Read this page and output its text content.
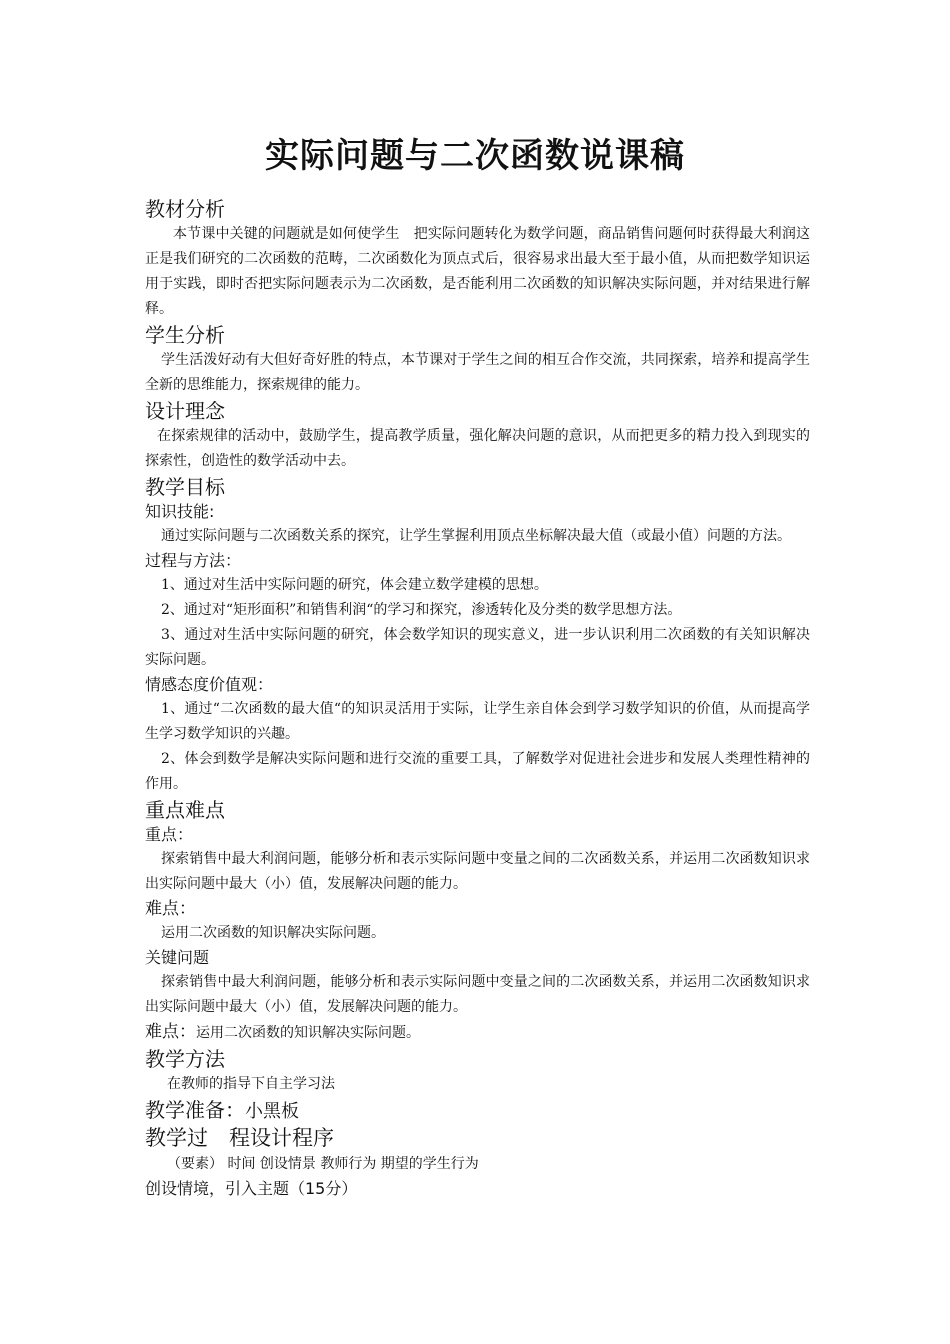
实际问题与二次函数说课稿
教材分析

本节课中关键的问题就是如何使学生　把实际问题转化为数学问题，商品销售问题何时获得最大利润这正是我们研究的二次函数的范畴，二次函数化为顶点式后，很容易求出最大至于最小值，从而把数学知识运用于实践，即时否把实际问题表示为二次函数，是否能利用二次函数的知识解决实际问题，并对结果进行解释。

学生分析

学生活泼好动有大但好奇好胜的特点，本节课对于学生之间的相互合作交流，共同探索，培养和提高学生全新的思维能力，探索规律的能力。

设计理念

在探索规律的活动中，鼓励学生，提高教学质量，强化解决问题的意识，从而把更多的精力投入到现实的探索性，创造性的数学活动中去。

教学目标
知识技能:

通过实际问题与二次函数关系的探究，让学生掌握利用顶点坐标解决最大值（或最小值）问题的方法。

过程与方法：

1、通过对生活中实际问题的研究，体会建立数学建模的思想。

2、通过对“矩形面积”和销售利润“的学习和探究，渗透转化及分类的数学思想方法。

3、通过对生活中实际问题的研究，体会数学知识的现实意义，进一步认识利用二次函数的有关知识解决实际问题。

情感态度价值观：

1、通过“二次函数的最大值“的知识灵活用于实际，让学生亲自体会到学习数学知识的价值，从而提高学生学习数学知识的兴趣。

2、体会到数学是解决实际问题和进行交流的重要工具，了解数学对促进社会进步和发展人类理性精神的作用。

重点难点
重点：

探索销售中最大利润问题，能够分析和表示实际问题中变量之间的二次函数关系，并运用二次函数知识求出实际问题中最大（小）值，发展解决问题的能力。

难点：

运用二次函数的知识解决实际问题。

关键问题

探索销售中最大利润问题，能够分析和表示实际问题中变量之间的二次函数关系，并运用二次函数知识求出实际问题中最大（小）值，发展解决问题的能力。

难点：运用二次函数的知识解决实际问题。
教学方法

在教师的指导下自主学习法

教学准备：小黑板
教学过　程设计程序

（要素） 时间 创设情景 教师行为 期望的学生行为

创设情境，引入主题（15分）
